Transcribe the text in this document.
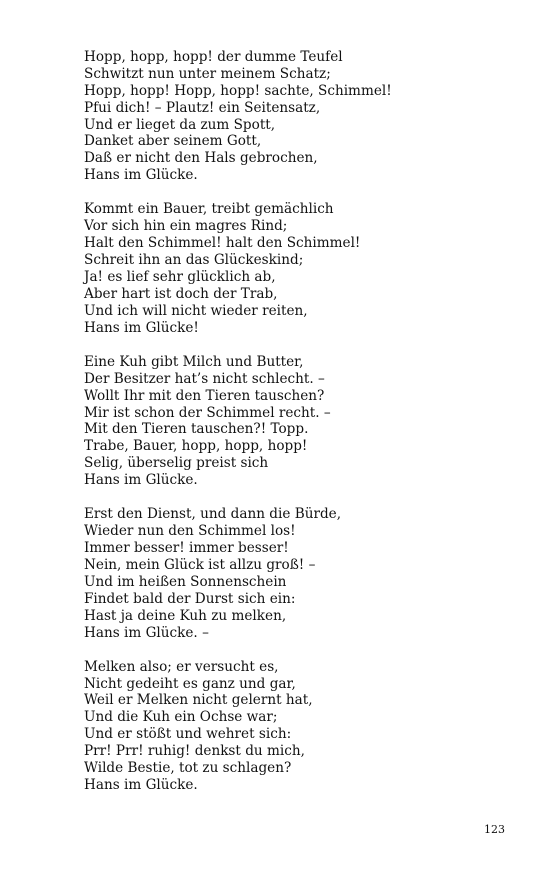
Hopp, hopp, hopp! der dumme Teufel
Schwitzt nun unter meinem Schatz;
Hopp, hopp! Hopp, hopp! sachte, Schimmel!
Pfui dich! – Plautz! ein Seitensatz,
Und er lieget da zum Spott,
Danket aber seinem Gott,
Daß er nicht den Hals gebrochen,
Hans im Glücke.
Kommt ein Bauer, treibt gemächlich
Vor sich hin ein magres Rind;
Halt den Schimmel! halt den Schimmel!
Schreit ihn an das Glückeskind;
Ja! es lief sehr glücklich ab,
Aber hart ist doch der Trab,
Und ich will nicht wieder reiten,
Hans im Glücke!
Eine Kuh gibt Milch und Butter,
Der Besitzer hat’s nicht schlecht. –
Wollt Ihr mit den Tieren tauschen?
Mir ist schon der Schimmel recht. –
Mit den Tieren tauschen?! Topp.
Trabe, Bauer, hopp, hopp, hopp!
Selig, überselig preist sich
Hans im Glücke.
Erst den Dienst, und dann die Bürde,
Wieder nun den Schimmel los!
Immer besser! immer besser!
Nein, mein Glück ist allzu groß! –
Und im heißen Sonnenschein
Findet bald der Durst sich ein:
Hast ja deine Kuh zu melken,
Hans im Glücke. –
Melken also; er versucht es,
Nicht gedeiht es ganz und gar,
Weil er Melken nicht gelernt hat,
Und die Kuh ein Ochse war;
Und er stößt und wehret sich:
Prr! Prr! ruhig! denkst du mich,
Wilde Bestie, tot zu schlagen?
Hans im Glücke.
123
